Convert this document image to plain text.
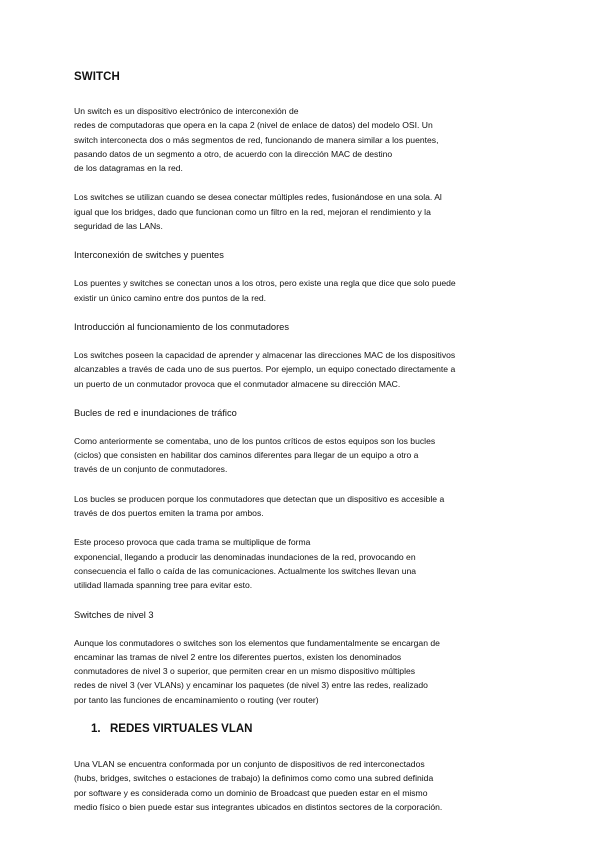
SWITCH
Un switch es un dispositivo electrónico de interconexión de
redes de computadoras que opera en la capa 2 (nivel de enlace de datos) del modelo OSI. Un
switch interconecta dos o más segmentos de red, funcionando de manera similar a los puentes,
pasando datos de un segmento a otro, de acuerdo con la dirección MAC de destino
de los datagramas en la red.
Los switches se utilizan cuando se desea conectar múltiples redes, fusionándose en una sola. Al
igual que los bridges, dado que funcionan como un filtro en la red, mejoran el rendimiento y la
seguridad de las LANs.
Interconexión de switches y puentes
Los puentes y switches se conectan unos a los otros, pero existe una regla que dice que solo puede
existir un único camino entre dos puntos de la red.
Introducción al funcionamiento de los conmutadores
Los switches poseen la capacidad de aprender y almacenar las direcciones MAC de los dispositivos
alcanzables a través de cada uno de sus puertos. Por ejemplo, un equipo conectado directamente a
un puerto de un conmutador provoca que el conmutador almacene su dirección MAC.
Bucles de red e inundaciones de tráfico
Como anteriormente se comentaba, uno de los puntos críticos de estos equipos son los bucles
(ciclos) que consisten en habilitar dos caminos diferentes para llegar de un equipo a otro a
través de un conjunto de conmutadores.
Los bucles se producen porque los conmutadores que detectan que un dispositivo es accesible a
través de dos puertos emiten la trama por ambos.
Este proceso provoca que cada trama se multiplique de forma
exponencial, llegando a producir las denominadas inundaciones de la red, provocando en
consecuencia el fallo o caída de las comunicaciones. Actualmente los switches llevan una
utilidad llamada spanning tree para evitar esto.
Switches de nivel 3
Aunque los conmutadores o switches son los elementos que fundamentalmente se encargan de
encaminar las tramas de nivel 2 entre los diferentes puertos, existen los denominados
conmutadores de nivel 3 o superior, que permiten crear en un mismo dispositivo múltiples
redes de nivel 3 (ver VLANs) y encaminar los paquetes (de nivel 3) entre las redes, realizado
por tanto las funciones de encaminamiento o routing (ver router)
1. REDES VIRTUALES VLAN
Una VLAN se encuentra conformada por un conjunto de dispositivos de red interconectados
(hubs, bridges, switches o estaciones de trabajo) la definimos como como una subred definida
por software y es considerada como un dominio de Broadcast que pueden estar en el mismo
medio físico o bien puede estar sus integrantes ubicados en distintos sectores de la corporación.
